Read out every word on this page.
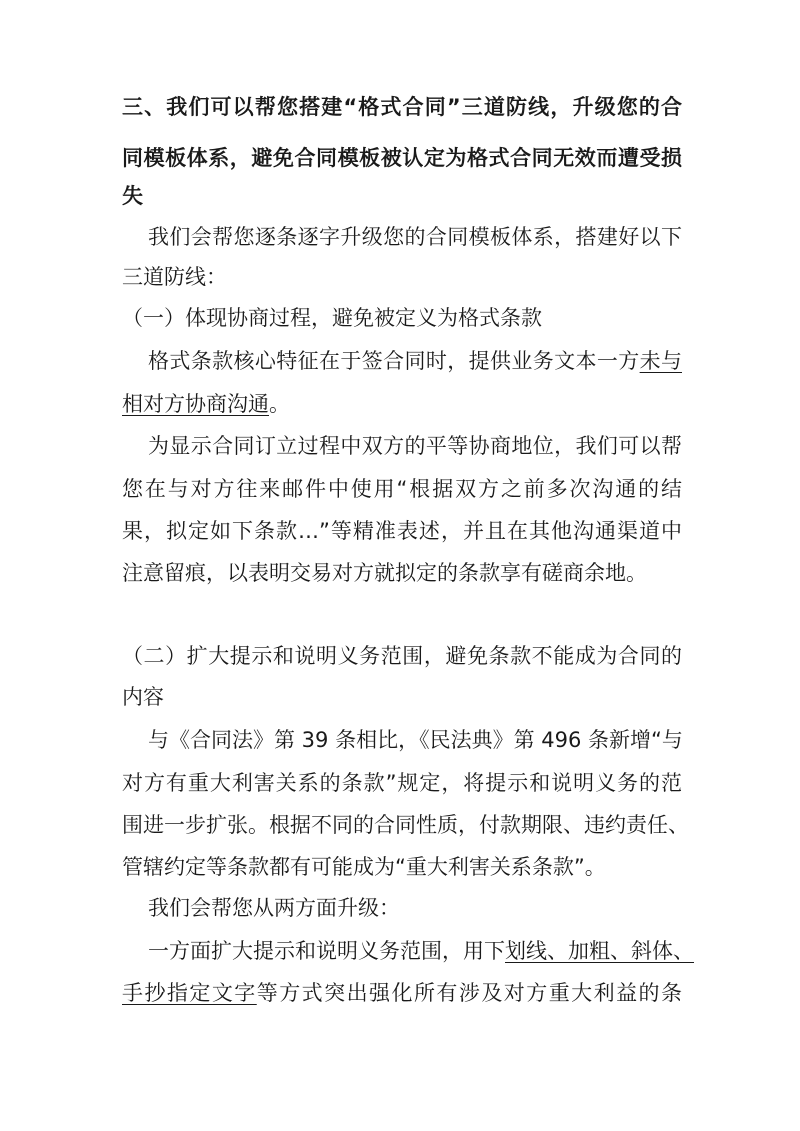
三、我们可以帮您搭建“格式合同”三道防线，升级您的合
同模板体系，避免合同模板被认定为格式合同无效而遭受损
失
我们会帮您逐条逐字升级您的合同模板体系，搭建好以下
三道防线：
（一）体现协商过程，避免被定义为格式条款
格式条款核心特征在于签合同时，提供业务文本一方未与
相对方协商沟通。
为显示合同订立过程中双方的平等协商地位，我们可以帮
您在与对方往来邮件中使用“根据双方之前多次沟通的结
果，拟定如下条款…”等精准表述，并且在其他沟通渠道中
注意留痕，以表明交易对方就拟定的条款享有磋商余地。
（二）扩大提示和说明义务范围，避免条款不能成为合同的
内容
与《合同法》第 39 条相比，《民法典》第 496 条新增“与
对方有重大利害关系的条款”规定，将提示和说明义务的范
围进一步扩张。根据不同的合同性质，付款期限、违约责任、
管辖约定等条款都有可能成为“重大利害关系条款”。
我们会帮您从两方面升级：
一方面扩大提示和说明义务范围，用下划线、加粗、斜体、
手抄指定文字等方式突出强化所有涉及对方重大利益的条
